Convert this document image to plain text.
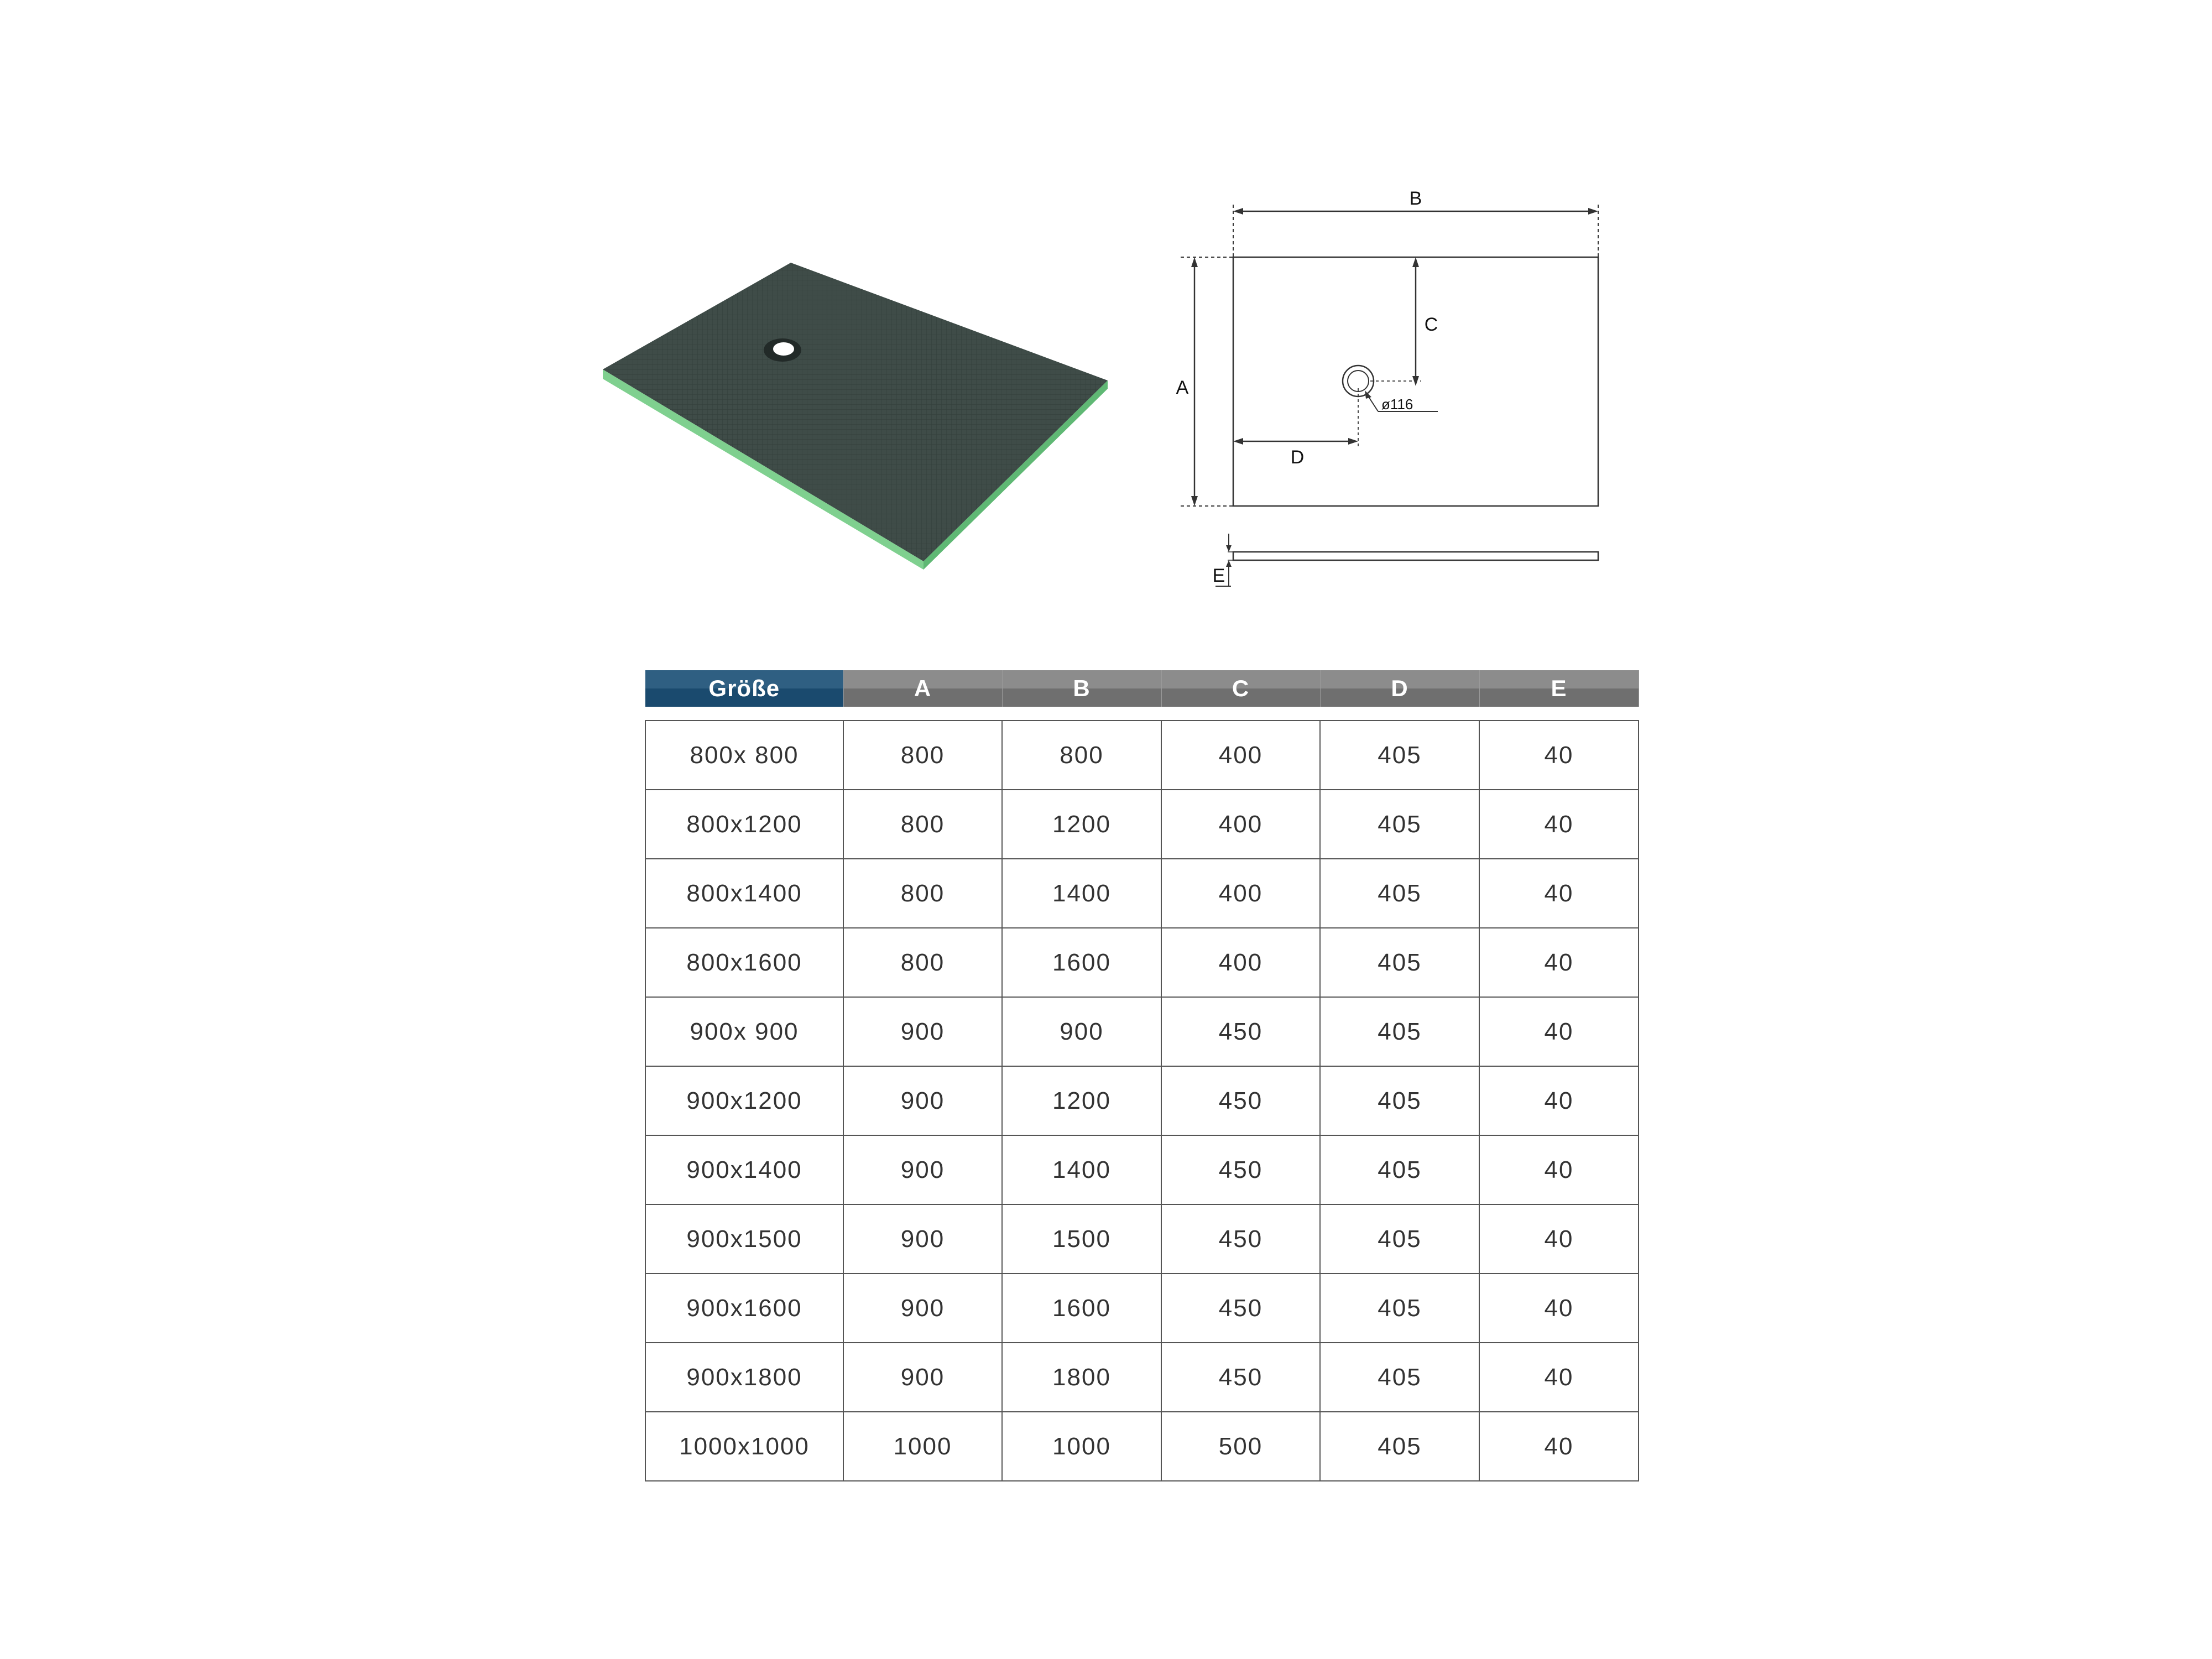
B
A
C
D
ø116
E
Größe	A	B	C	D	E

800x 800	800	800	400	405	40
800x1200	800	1200	400	405	40
800x1400	800	1400	400	405	40
800x1600	800	1600	400	405	40
900x 900	900	900	450	405	40
900x1200	900	1200	450	405	40
900x1400	900	1400	450	405	40
900x1500	900	1500	450	405	40
900x1600	900	1600	450	405	40
900x1800	900	1800	450	405	40
1000x1000	1000	1000	500	405	40
